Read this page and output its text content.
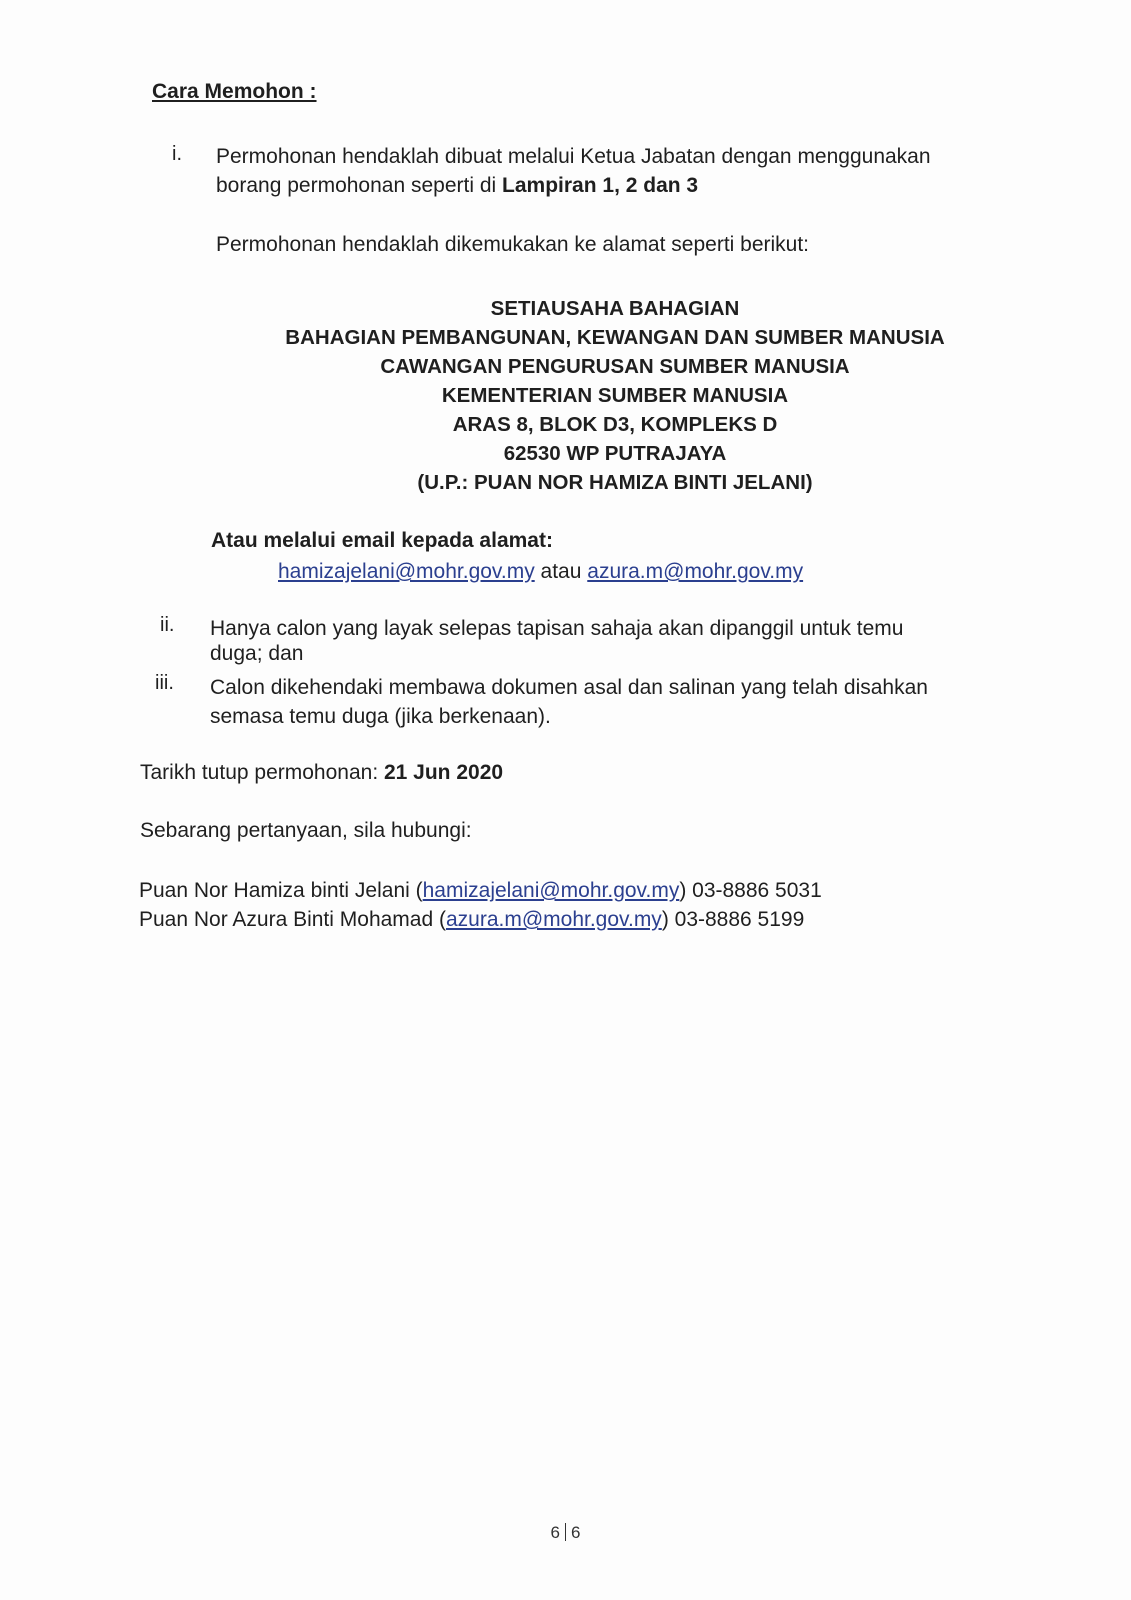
Cara Memohon :
i. Permohonan hendaklah dibuat melalui Ketua Jabatan dengan menggunakan
borang permohonan seperti di Lampiran 1, 2 dan 3
Permohonan hendaklah dikemukakan ke alamat seperti berikut:
SETIAUSAHA BAHAGIAN
BAHAGIAN PEMBANGUNAN, KEWANGAN DAN SUMBER MANUSIA
CAWANGAN PENGURUSAN SUMBER MANUSIA
KEMENTERIAN SUMBER MANUSIA
ARAS 8, BLOK D3, KOMPLEKS D
62530 WP PUTRAJAYA
(U.P.: PUAN NOR HAMIZA BINTI JELANI)
Atau melalui email kepada alamat:
hamizajelani@mohr.gov.my atau azura.m@mohr.gov.my
ii. Hanya calon yang layak selepas tapisan sahaja akan dipanggil untuk temu
duga; dan
iii. Calon dikehendaki membawa dokumen asal dan salinan yang telah disahkan
semasa temu duga (jika berkenaan).
Tarikh tutup permohonan: 21 Jun 2020
Sebarang pertanyaan, sila hubungi:
Puan Nor Hamiza binti Jelani (hamizajelani@mohr.gov.my) 03-8886 5031
Puan Nor Azura Binti Mohamad (azura.m@mohr.gov.my) 03-8886 5199
6 6
